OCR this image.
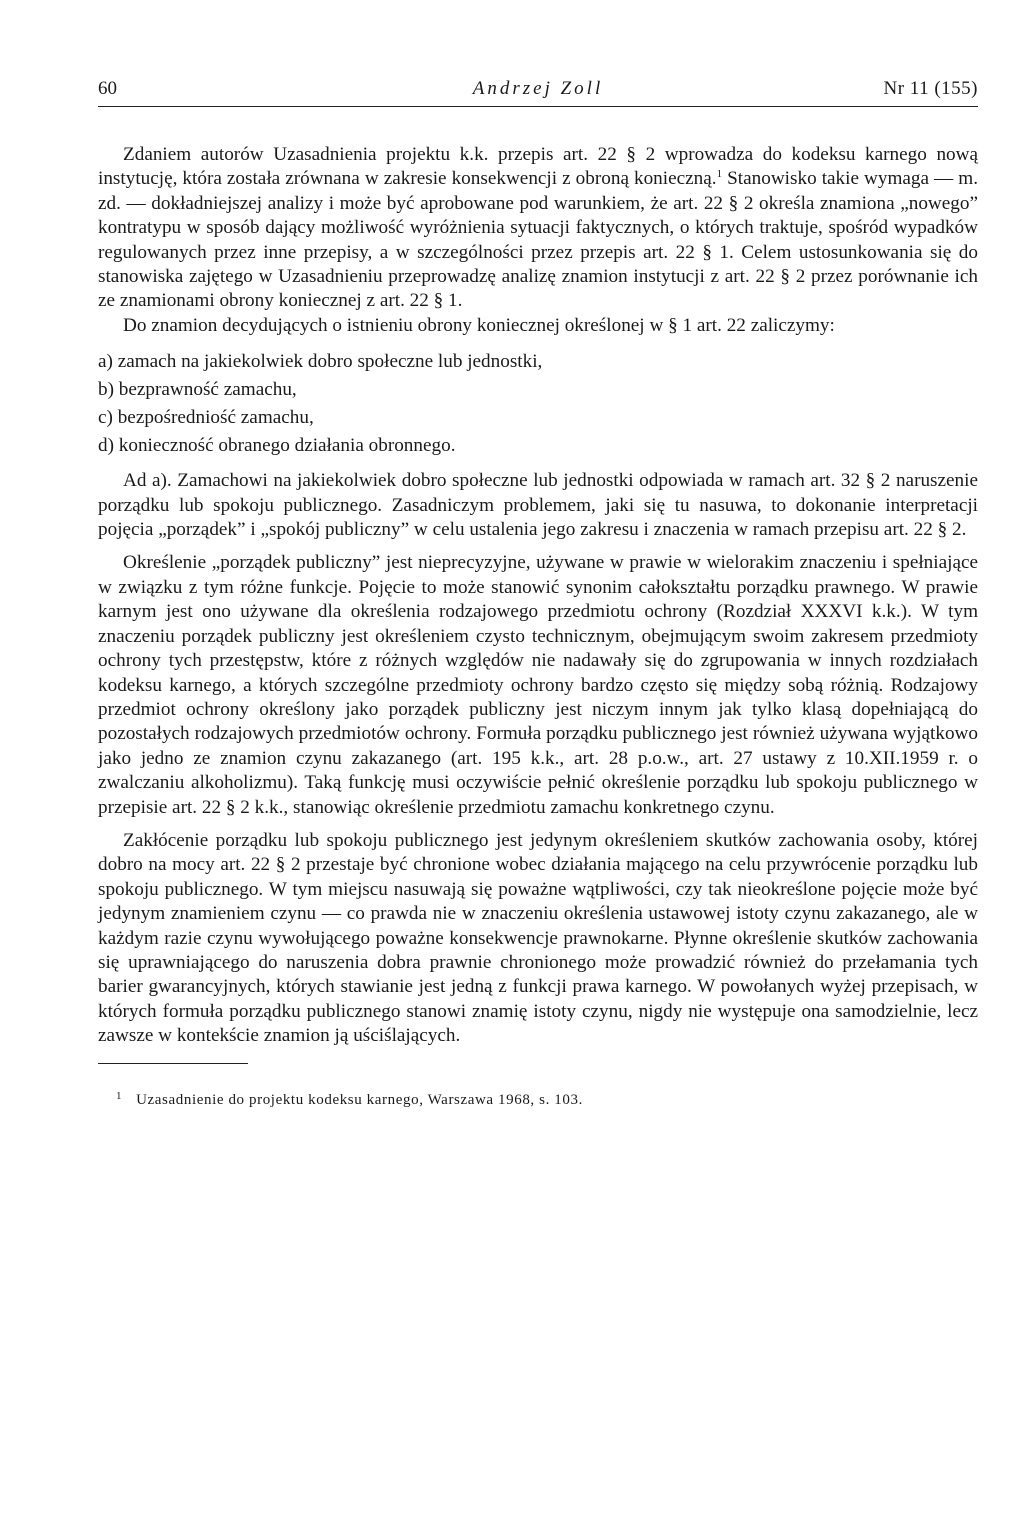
60	Andrzej Zoll	Nr 11 (155)

Zdaniem autorów Uzasadnienia projektu k.k. przepis art. 22 § 2 wprowadza do kodeksu karnego nową instytucję, która została zrównana w zakresie konsekwencji z obroną konieczną.$^1$ Stanowisko takie wymaga — m. zd. — dokładniejszej analizy i może być aprobowane pod warunkiem, że art. 22 § 2 określa znamiona „nowego” kontratypu w sposób dający możliwość wyróżnienia sytuacji faktycznych, o których traktuje, spośród wypadków regulowanych przez inne przepisy, a w szczególności przez przepis art. 22 § 1. Celem ustosunkowania się do stanowiska zajętego w Uzasadnieniu przeprowadzę analizę znamion instytucji z art. 22 § 2 przez porównanie ich ze znamionami obrony koniecznej z art. 22 § 1.

Do znamion decydujących o istnieniu obrony koniecznej określonej w § 1 art. 22 zaliczymy:

a) zamach na jakiekolwiek dobro społeczne lub jednostki,
b) bezprawność zamachu,
c) bezpośredniość zamachu,
d) konieczność obranego działania obronnego.

Ad a). Zamachowi na jakiekolwiek dobro społeczne lub jednostki odpowiada w ramach art. 32 § 2 naruszenie porządku lub spokoju publicznego. Zasadniczym problemem, jaki się tu nasuwa, to dokonanie interpretacji pojęcia „porządek” i „spokój publiczny” w celu ustalenia jego zakresu i znaczenia w ramach przepisu art. 22 § 2.

Określenie „porządek publiczny” jest nieprecyzyjne, używane w prawie w wielorakim znaczeniu i spełniające w związku z tym różne funkcje. Pojęcie to może stanowić synonim całokształtu porządku prawnego. W prawie karnym jest ono używane dla określenia rodzajowego przedmiotu ochrony (Rozdział XXXVI k.k.). W tym znaczeniu porządek publiczny jest określeniem czysto technicznym, obejmującym swoim zakresem przedmioty ochrony tych przestępstw, które z różnych względów nie nadawały się do zgrupowania w innych rozdziałach kodeksu karnego, a których szczególne przedmioty ochrony bardzo często się między sobą różnią. Rodzajowy przedmiot ochrony określony jako porządek publiczny jest niczym innym jak tylko klasą dopełniającą do pozostałych rodzajowych przedmiotów ochrony. Formuła porządku publicznego jest również używana wyjątkowo jako jedno ze znamion czynu zakazanego (art. 195 k.k., art. 28 p.o.w., art. 27 ustawy z 10.XII.1959 r. o zwalczaniu alkoholizmu). Taką funkcję musi oczywiście pełnić określenie porządku lub spokoju publicznego w przepisie art. 22 § 2 k.k., stanowiąc określenie przedmiotu zamachu konkretnego czynu.

Zakłócenie porządku lub spokoju publicznego jest jedynym określeniem skutków zachowania osoby, której dobro na mocy art. 22 § 2 przestaje być chronione wobec działania mającego na celu przywrócenie porządku lub spokoju publicznego. W tym miejscu nasuwają się poważne wątpliwości, czy tak nieokreślone pojęcie może być jedynym znamieniem czynu — co prawda nie w znaczeniu określenia ustawowej istoty czynu zakazanego, ale w każdym razie czynu wywołującego poważne konsekwencje prawnokarne. Płynne określenie skutków zachowania się uprawniającego do naruszenia dobra prawnie chronionego może prowadzić również do przełamania tych barier gwarancyjnych, których stawianie jest jedną z funkcji prawa karnego. W powołanych wyżej przepisach, w których formuła porządku publicznego stanowi znamię istoty czynu, nigdy nie występuje ona samodzielnie, lecz zawsze w kontekście znamion ją uściślających.

$^1$ Uzasadnienie do projektu kodeksu karnego, Warszawa 1968, s. 103.
